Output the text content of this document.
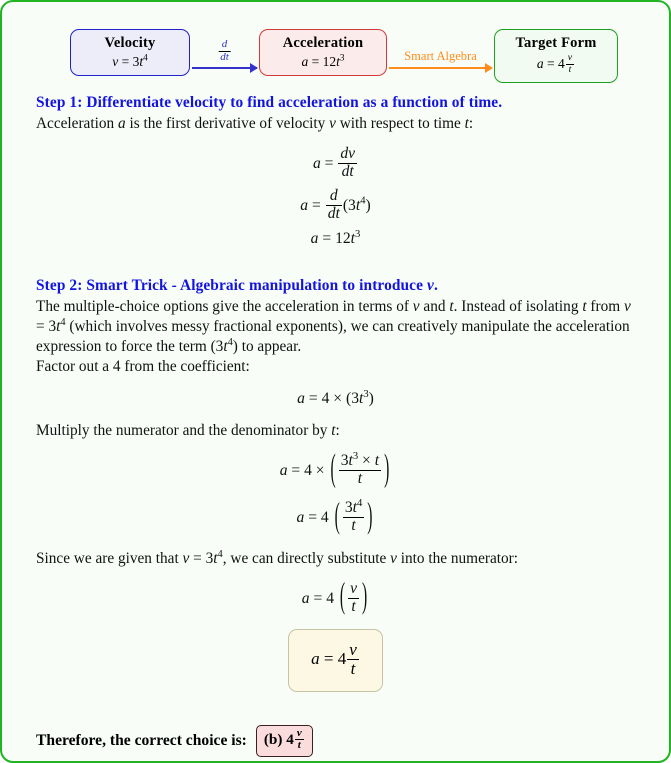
Velocity
$v = 3t^4$	$\frac{d}{dt}$	Acceleration
$a = 12t^3$	Smart Algebra
Target Form
$a = 4 \frac{v}{t}$
Step 1: Differentiate velocity to find acceleration as a function of time.
Acceleration a is the first derivative of velocity v with respect to time t:
$a = \frac{dv}{dt}$
$a = \frac{d}{dt} (3t^4)$
$a = 12t^3$
Step 2: Smart Trick - Algebraic manipulation to introduce v.
The multiple-choice options give the acceleration in terms of v and t. Instead of isolating t from $v = 3t^4$ (which involves messy fractional exponents), we can creatively manipulate the acceleration expression to force the term $(3t^4)$ to appear.
Factor out a 4 from the coefficient:
$a = 4 \times (3t^3)$
Multiply the numerator and the denominator by t:
a = 4 × ( $\frac{3t^3 \times t}{t}$ )
a = 4 ( $\frac{3t^4}{t}$ )
Since we are given that $v = 3t^4$, we can directly substitute v into the numerator:
a = 4 ( $\frac{v}{t}$ )
$a = 4 \frac{v}{t}$
Therefore, the correct choice is:	(b) $4 \frac{v}{t}$
